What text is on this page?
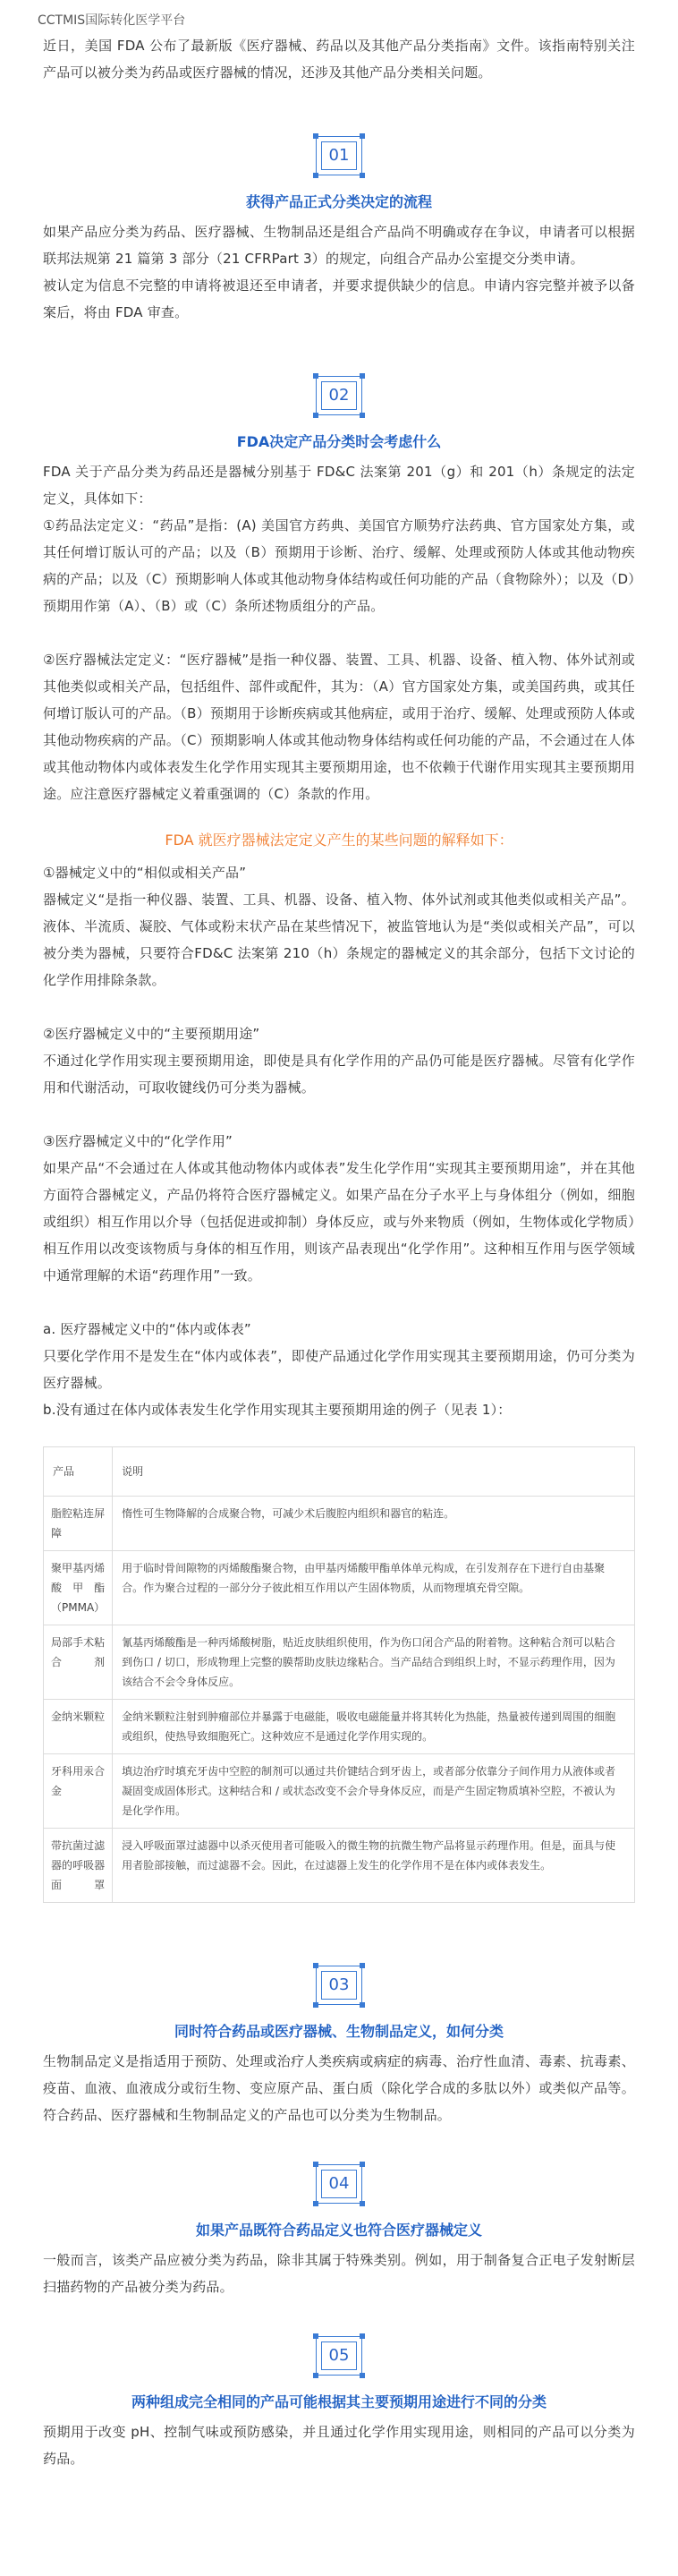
CCTMIS国际转化医学平台

近日，美国 FDA 公布了最新版《医疗器械、药品以及其他产品分类指南》文件。该指南特别关注产品可以被分类为药品或医疗器械的情况，还涉及其他产品分类相关问题。

01
获得产品正式分类决定的流程

如果产品应分类为药品、医疗器械、生物制品还是组合产品尚不明确或存在争议，申请者可以根据联邦法规第 21 篇第 3 部分（21 CFRPart 3）的规定，向组合产品办公室提交分类申请。

被认定为信息不完整的申请将被退还至申请者，并要求提供缺少的信息。申请内容完整并被予以备案后，将由 FDA 审查。

02
FDA决定产品分类时会考虑什么

FDA 关于产品分类为药品还是器械分别基于 FD&C 法案第 201（g）和 201（h）条规定的法定定义，具体如下：

①药品法定定义：“药品”是指：(A) 美国官方药典、美国官方顺势疗法药典、官方国家处方集，或其任何增订版认可的产品；以及（B）预期用于诊断、治疗、缓解、处理或预防人体或其他动物疾病的产品；以及（C）预期影响人体或其他动物身体结构或任何功能的产品（食物除外）；以及（D）预期用作第（A）、（B）或（C）条所述物质组分的产品。

②医疗器械法定定义：“医疗器械”是指一种仪器、装置、工具、机器、设备、植入物、体外试剂或其他类似或相关产品，包括组件、部件或配件，其为：（A）官方国家处方集，或美国药典，或其任何增订版认可的产品。（B）预期用于诊断疾病或其他病症，或用于治疗、缓解、处理或预防人体或其他动物疾病的产品。（C）预期影响人体或其他动物身体结构或任何功能的产品，不会通过在人体或其他动物体内或体表发生化学作用实现其主要预期用途，也不依赖于代谢作用实现其主要预期用途。应注意医疗器械定义着重强调的（C）条款的作用。

FDA 就医疗器械法定定义产生的某些问题的解释如下：

①器械定义中的“相似或相关产品”

器械定义“是指一种仪器、装置、工具、机器、设备、植入物、体外试剂或其他类似或相关产品”。液体、半流质、凝胶、气体或粉末状产品在某些情况下，被监管地认为是“类似或相关产品”，可以被分类为器械，只要符合FD&C 法案第 210（h）条规定的器械定义的其余部分，包括下文讨论的化学作用排除条款。

②医疗器械定义中的“主要预期用途”

不通过化学作用实现主要预期用途，即使是具有化学作用的产品仍可能是医疗器械。尽管有化学作用和代谢活动，可取收键线仍可分类为器械。

③医疗器械定义中的“化学作用”

如果产品“不会通过在人体或其他动物体内或体表”发生化学作用“实现其主要预期用途”，并在其他方面符合器械定义，产品仍将符合医疗器械定义。如果产品在分子水平上与身体组分（例如，细胞或组织）相互作用以介导（包括促进或抑制）身体反应，或与外来物质（例如，生物体或化学物质）相互作用以改变该物质与身体的相互作用，则该产品表现出“化学作用”。这种相互作用与医学领域中通常理解的术语“药理作用”一致。

a. 医疗器械定义中的“体内或体表”

只要化学作用不是发生在“体内或体表”，即使产品通过化学作用实现其主要预期用途，仍可分类为医疗器械。

b.没有通过在体内或体表发生化学作用实现其主要预期用途的例子（见表 1）：

产品	说明
脂腔粘连屏障	惰性可生物降解的合成聚合物，可减少术后腹腔内组织和器官的粘连。
聚甲基丙烯酸甲酯（PMMA）	用于临时骨间隙物的丙烯酸酯聚合物，由甲基丙烯酸甲酯单体单元构成，在引发剂存在下进行自由基聚合。作为聚合过程的一部分分子彼此相互作用以产生固体物质，从而物理填充骨空隙。
局部手术粘合剂	氰基丙烯酸酯是一种丙烯酸树脂，贴近皮肤组织使用，作为伤口闭合产品的附着物。这种粘合剂可以粘合到伤口 / 切口，形成物理上完整的膜帮助皮肤边缘粘合。当产品结合到组织上时，不显示药理作用，因为该结合不会令身体反应。
金纳米颗粒	金纳米颗粒注射到肿瘤部位并暴露于电磁能，吸收电磁能量并将其转化为热能，热量被传递到周围的细胞或组织，使热导致细胞死亡。这种效应不是通过化学作用实现的。
牙科用汞合金	填边治疗时填充牙齿中空腔的制剂可以通过共价键结合到牙齿上，或者部分依靠分子间作用力从液体或者凝固变成固体形式。这种结合和 / 或状态改变不会介导身体反应，而是产生固定物质填补空腔，不被认为是化学作用。
带抗菌过滤器的呼吸器面罩	浸入呼吸面罩过滤器中以杀灭使用者可能吸入的微生物的抗微生物产品将显示药理作用。但是，面具与使用者脸部接触，而过滤器不会。因此，在过滤器上发生的化学作用不是在体内或体表发生。
03
同时符合药品或医疗器械、生物制品定义，如何分类

生物制品定义是指适用于预防、处理或治疗人类疾病或病症的病毒、治疗性血清、毒素、抗毒素、疫苗、血液、血液成分或衍生物、变应原产品、蛋白质（除化学合成的多肽以外）或类似产品等。符合药品、医疗器械和生物制品定义的产品也可以分类为生物制品。

04
如果产品既符合药品定义也符合医疗器械定义

一般而言，该类产品应被分类为药品，除非其属于特殊类别。例如，用于制备复合正电子发射断层扫描药物的产品被分类为药品。

05
两种组成完全相同的产品可能根据其主要预期用途进行不同的分类

预期用于改变 pH、控制气味或预防感染，并且通过化学作用实现用途，则相同的产品可以分类为药品。
